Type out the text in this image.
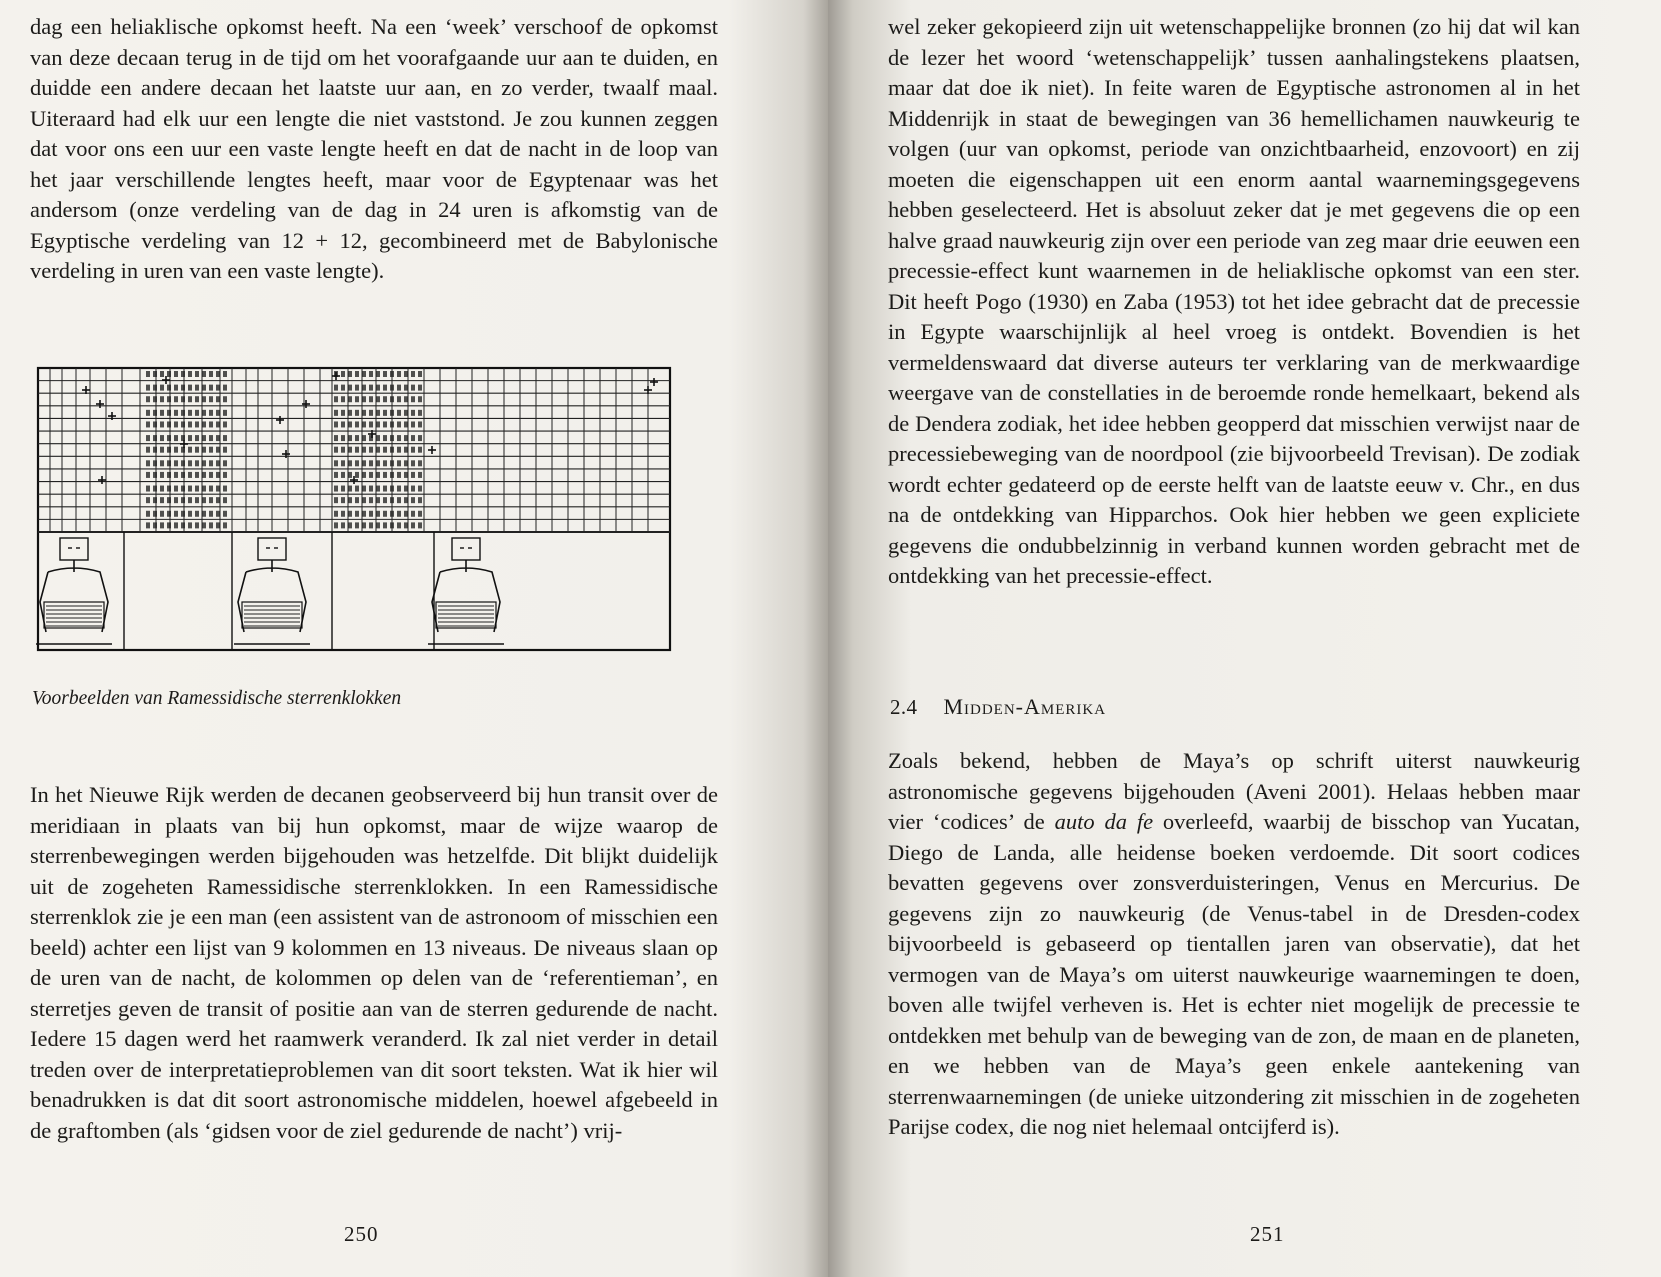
dag een heliaklische opkomst heeft. Na een ‘week’ verschoof de opkomst van deze decaan terug in de tijd om het voorafgaande uur aan te duiden, en duidde een andere decaan het laatste uur aan, en zo verder, twaalf maal. Uiteraard had elk uur een lengte die niet vaststond. Je zou kunnen zeggen dat voor ons een uur een vaste lengte heeft en dat de nacht in de loop van het jaar verschillende lengtes heeft, maar voor de Egyptenaar was het andersom (onze verdeling van de dag in 24 uren is afkomstig van de Egyptische verdeling van 12 + 12, gecombineerd met de Babylonische verdeling in uren van een vaste lengte).

Voorbeelden van Ramessidische sterrenklokken

In het Nieuwe Rijk werden de decanen geobserveerd bij hun transit over de meridiaan in plaats van bij hun opkomst, maar de wijze waarop de sterrenbewegingen werden bijgehouden was hetzelfde. Dit blijkt duidelijk uit de zogeheten Ramessidische sterrenklokken. In een Ramessidische sterrenklok zie je een man (een assistent van de astronoom of misschien een beeld) achter een lijst van 9 kolommen en 13 niveaus. De niveaus slaan op de uren van de nacht, de kolommen op delen van de ‘referentieman’, en sterretjes geven de transit of positie aan van de sterren gedurende de nacht. Iedere 15 dagen werd het raamwerk veranderd. Ik zal niet verder in detail treden over de interpretatieproblemen van dit soort teksten. Wat ik hier wil benadrukken is dat dit soort astronomische middelen, hoewel afgebeeld in de graftomben (als ‘gidsen voor de ziel gedurende de nacht’) vrij-

250

wel zeker gekopieerd zijn uit wetenschappelijke bronnen (zo hij dat wil kan de lezer het woord ‘wetenschappelijk’ tussen aanhalingstekens plaatsen, maar dat doe ik niet). In feite waren de Egyptische astronomen al in het Middenrijk in staat de bewegingen van 36 hemellichamen nauwkeurig te volgen (uur van opkomst, periode van onzichtbaarheid, enzovoort) en zij moeten die eigenschappen uit een enorm aantal waarnemingsgegevens hebben geselecteerd. Het is absoluut zeker dat je met gegevens die op een halve graad nauwkeurig zijn over een periode van zeg maar drie eeuwen een precessie-effect kunt waarnemen in de heliaklische opkomst van een ster. Dit heeft Pogo (1930) en Zaba (1953) tot het idee gebracht dat de precessie in Egypte waarschijnlijk al heel vroeg is ontdekt. Bovendien is het vermeldenswaard dat diverse auteurs ter verklaring van de merkwaardige weergave van de constellaties in de beroemde ronde hemelkaart, bekend als de Dendera zodiak, het idee hebben geopperd dat misschien verwijst naar de precessiebeweging van de noordpool (zie bijvoorbeeld Trevisan). De zodiak wordt echter gedateerd op de eerste helft van de laatste eeuw v. Chr., en dus na de ontdekking van Hipparchos. Ook hier hebben we geen expliciete gegevens die ondubbelzinnig in verband kunnen worden gebracht met de ontdekking van het precessie-effect.

2.4 Midden-Amerika

Zoals bekend, hebben de Maya’s op schrift uiterst nauwkeurig astronomische gegevens bijgehouden (Aveni 2001). Helaas hebben maar vier ‘codices’ de auto da fe overleefd, waarbij de bisschop van Yucatan, Diego de Landa, alle heidense boeken verdoemde. Dit soort codices bevatten gegevens over zonsverduisteringen, Venus en Mercurius. De gegevens zijn zo nauwkeurig (de Venus-tabel in de Dresden-codex bijvoorbeeld is gebaseerd op tientallen jaren van observatie), dat het vermogen van de Maya’s om uiterst nauwkeurige waarnemingen te doen, boven alle twijfel verheven is. Het is echter niet mogelijk de precessie te ontdekken met behulp van de beweging van de zon, de maan en de planeten, en we hebben van de Maya’s geen enkele aantekening van sterrenwaarnemingen (de unieke uitzondering zit misschien in de zogeheten Parijse codex, die nog niet helemaal ontcijferd is).

251
